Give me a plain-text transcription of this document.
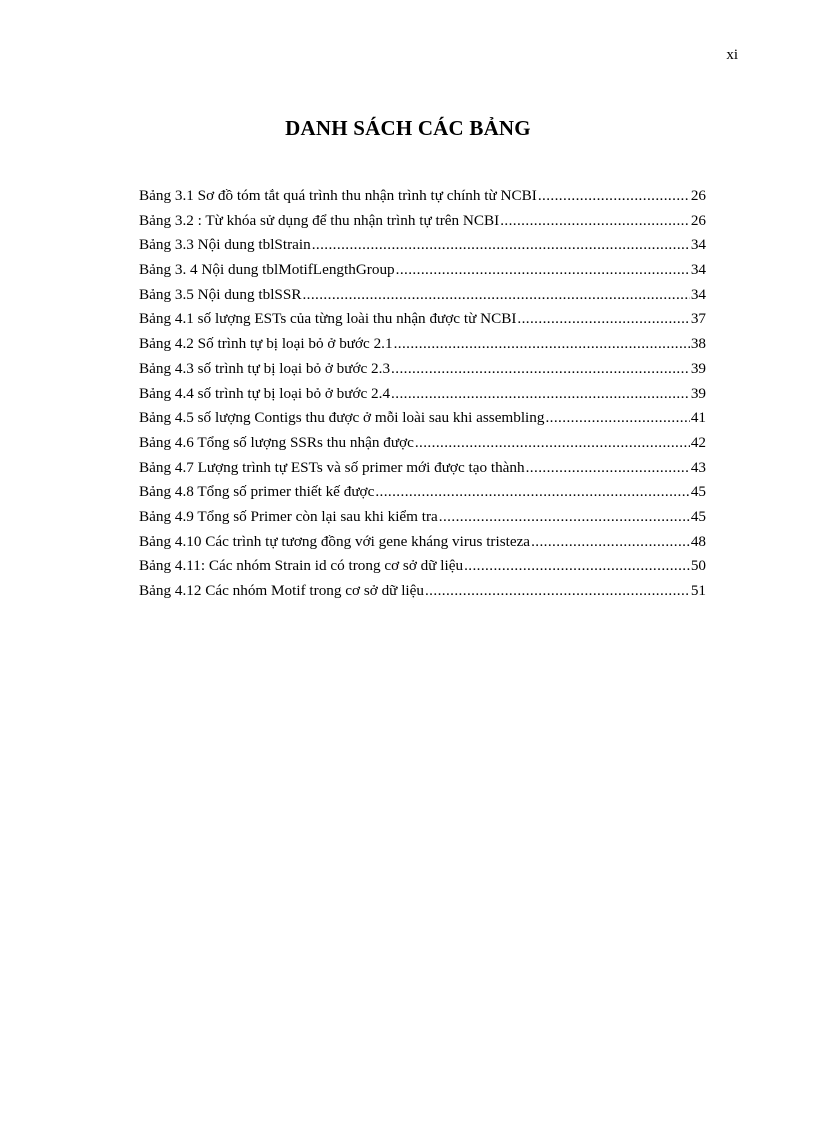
xi
DANH SÁCH CÁC BẢNG
Bảng 3.1 Sơ đồ tóm tắt quá trình thu nhận trình tự chính từ NCBI .....	26
Bảng 3.2 : Từ khóa sử dụng để thu nhận trình tự trên NCBI .....	26
Bảng 3.3 Nội dung tblStrain .....	34
Bảng 3. 4 Nội dung tblMotifLengthGroup .....	34
Bảng 3.5 Nội dung tblSSR .....	34
Bảng 4.1 số lượng ESTs của từng loài thu nhận được từ NCBI .....	37
Bảng 4.2 Số trình tự bị loại bỏ ở bước 2.1 .....	38
Bảng 4.3 số trình tự bị loại bỏ ở bước 2.3 .....	39
Bảng 4.4 số trình tự bị loại bỏ ở bước 2.4 .....	39
Bảng 4.5 số lượng Contigs thu được ở mỗi loài sau khi assembling .....	41
Bảng 4.6 Tổng số lượng SSRs thu nhận được .....	42
Bảng 4.7 Lượng trình tự ESTs và số primer mới được tạo thành .....	43
Bảng 4.8 Tổng số primer thiết kế được .....	45
Bảng 4.9 Tổng số Primer còn lại sau khi kiểm tra .....	45
Bảng 4.10 Các trình tự tương đồng với gene kháng virus tristeza .....	48
Bảng 4.11: Các nhóm Strain id có trong cơ sở dữ liệu .....	50
Bảng 4.12 Các nhóm Motif trong cơ sở dữ liệu .....	51
